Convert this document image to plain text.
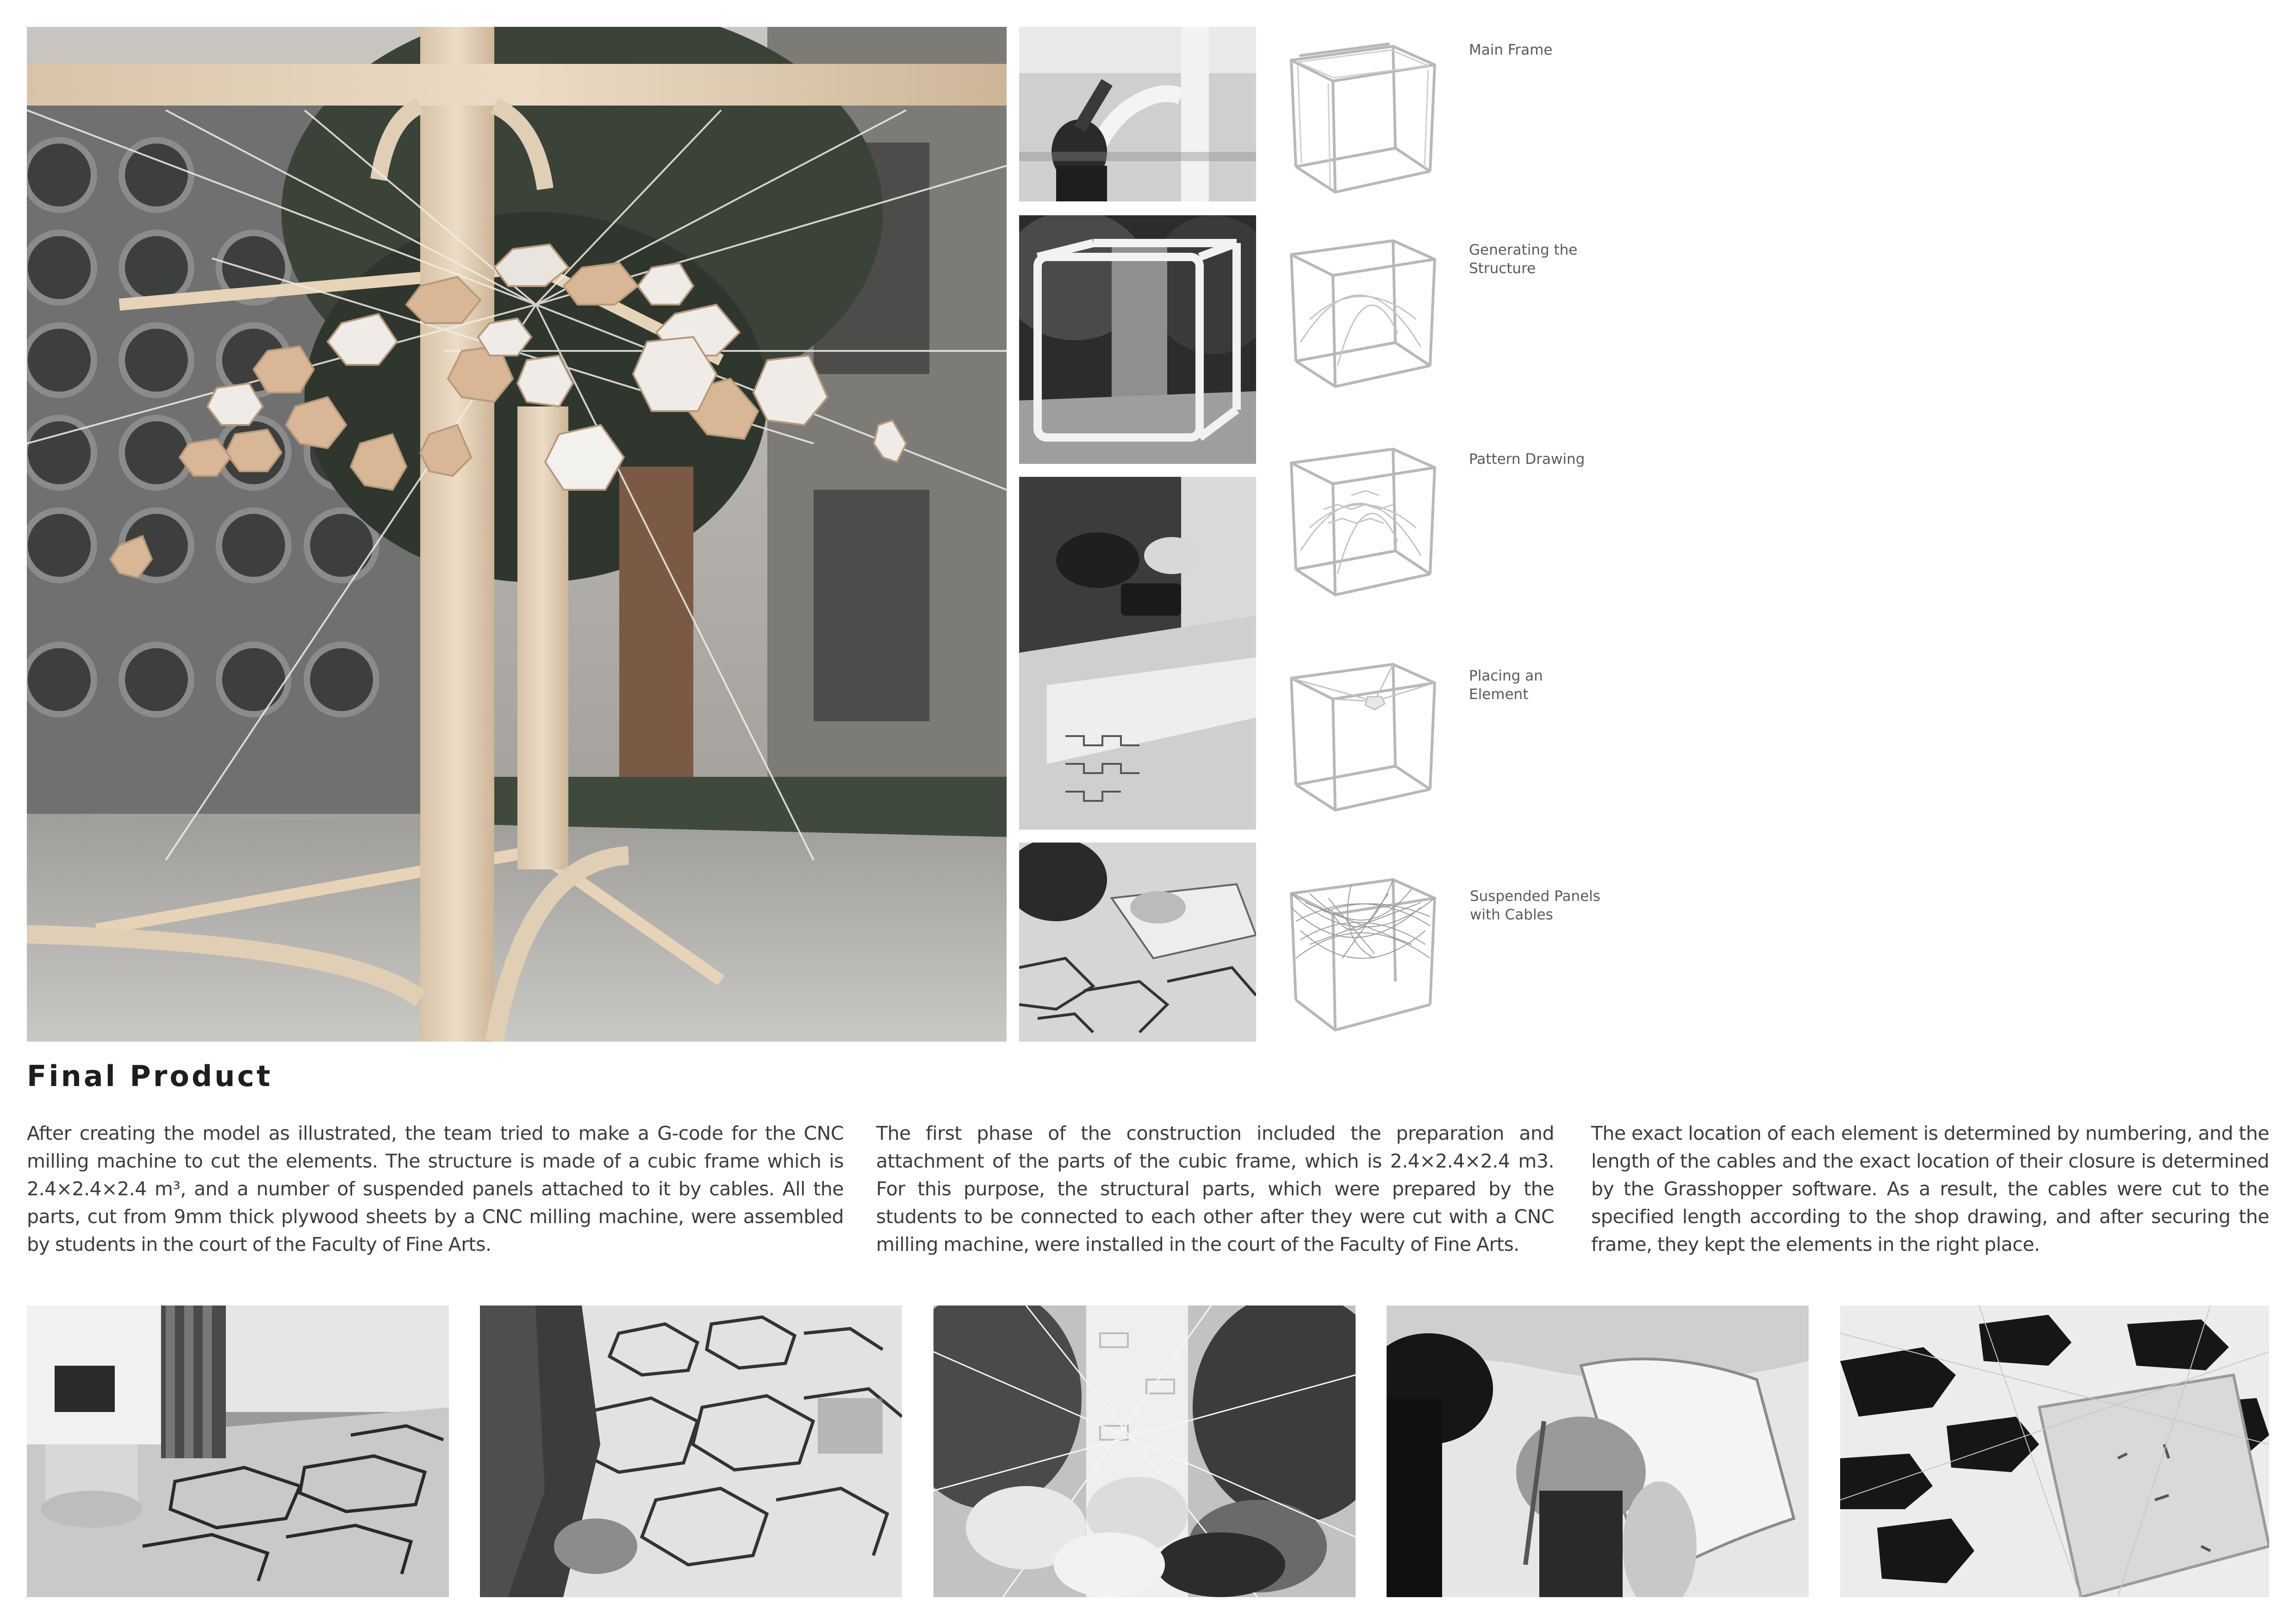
Main Frame
Generating the
Structure
Pattern Drawing
Placing an
Element
Suspended Panels
with Cables
Final Product
After creating the model as illustrated, the team tried to make a G-code for the CNC milling machine to cut the elements. The structure is made of a cubic frame which is 2.4×2.4×2.4 m³, and a number of suspended panels attached to it by cables. All the parts, cut from 9mm thick plywood sheets by a CNC milling machine, were assembled by students in the court of the Faculty of Fine Arts.
The first phase of the construction included the preparation and attachment of the parts of the cubic frame, which is 2.4×2.4×2.4 m3. For this purpose, the structural parts, which were prepared by the students to be connected to each other after they were cut with a CNC milling machine, were installed in the court of the Faculty of Fine Arts.
The exact location of each element is determined by numbering, and the length of the cables and the exact location of their closure is determined by the Grasshopper software. As a result, the cables were cut to the specified length according to the shop drawing, and after securing the frame, they kept the elements in the right place.
